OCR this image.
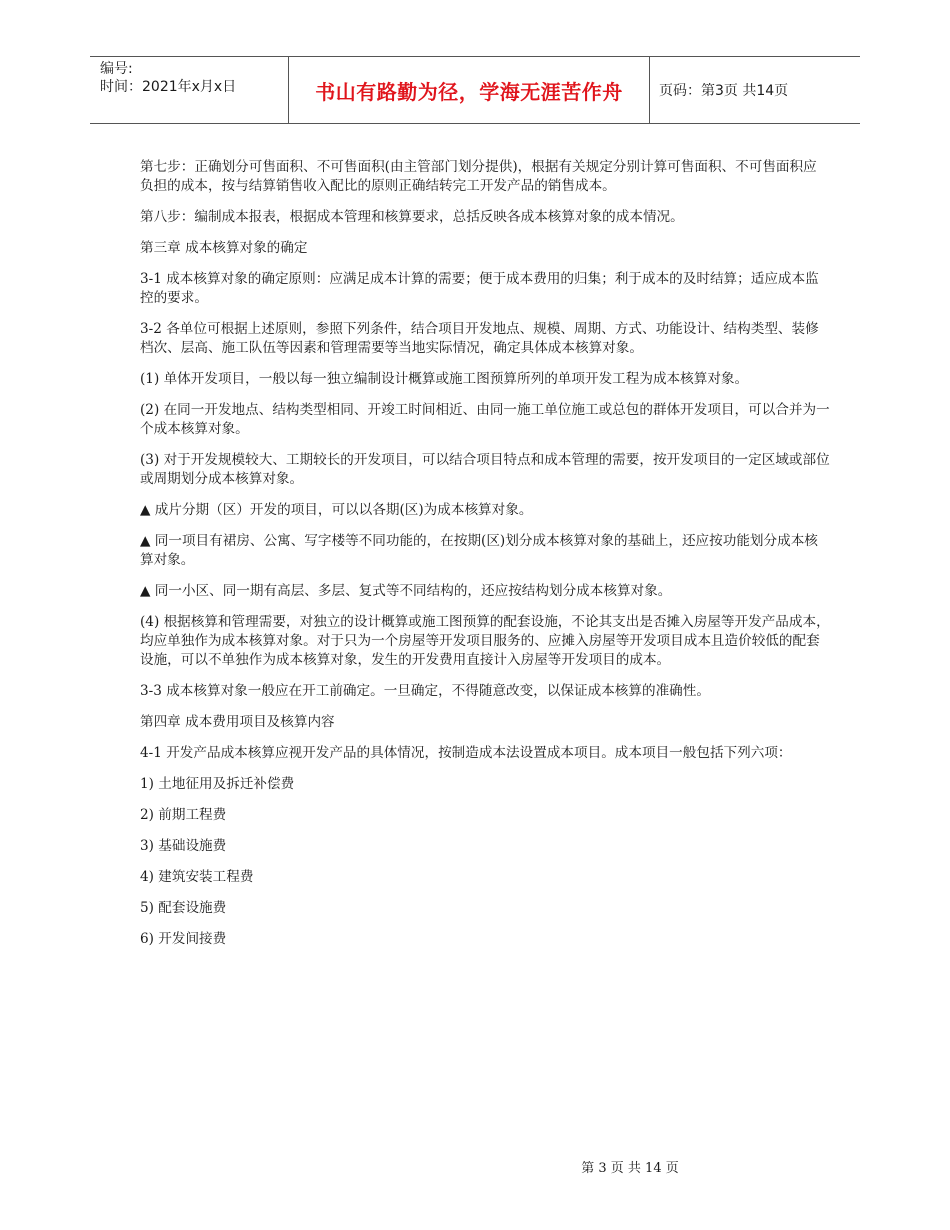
编号:
时间：2021年x月x日	书山有路勤为径，学海无涯苦作舟	页码：第3页 共14页

第七步：正确划分可售面积、不可售面积(由主管部门划分提供)，根据有关规定分别计算可售面积、不可售面积应负担的成本，按与结算销售收入配比的原则正确结转完工开发产品的销售成本。

第八步：编制成本报表，根据成本管理和核算要求，总括反映各成本核算对象的成本情况。

第三章 成本核算对象的确定

3-1 成本核算对象的确定原则：应满足成本计算的需要；便于成本费用的归集；利于成本的及时结算；适应成本监控的要求。

3-2 各单位可根据上述原则，参照下列条件，结合项目开发地点、规模、周期、方式、功能设计、结构类型、装修档次、层高、施工队伍等因素和管理需要等当地实际情况，确定具体成本核算对象。

(1) 单体开发项目，一般以每一独立编制设计概算或施工图预算所列的单项开发工程为成本核算对象。

(2) 在同一开发地点、结构类型相同、开竣工时间相近、由同一施工单位施工或总包的群体开发项目，可以合并为一个成本核算对象。

(3) 对于开发规模较大、工期较长的开发项目，可以结合项目特点和成本管理的需要，按开发项目的一定区域或部位或周期划分成本核算对象。

▲ 成片分期（区）开发的项目，可以以各期(区)为成本核算对象。

▲ 同一项目有裙房、公寓、写字楼等不同功能的，在按期(区)划分成本核算对象的基础上，还应按功能划分成本核算对象。

▲ 同一小区、同一期有高层、多层、复式等不同结构的，还应按结构划分成本核算对象。

(4) 根据核算和管理需要，对独立的设计概算或施工图预算的配套设施，不论其支出是否摊入房屋等开发产品成本，均应单独作为成本核算对象。对于只为一个房屋等开发项目服务的、应摊入房屋等开发项目成本且造价较低的配套设施，可以不单独作为成本核算对象，发生的开发费用直接计入房屋等开发项目的成本。

3-3 成本核算对象一般应在开工前确定。一旦确定，不得随意改变，以保证成本核算的准确性。

第四章 成本费用项目及核算内容

4-1 开发产品成本核算应视开发产品的具体情况，按制造成本法设置成本项目。成本项目一般包括下列六项：

1) 土地征用及拆迁补偿费

2) 前期工程费

3) 基础设施费

4) 建筑安装工程费

5) 配套设施费

6) 开发间接费

第 3 页 共 14 页
